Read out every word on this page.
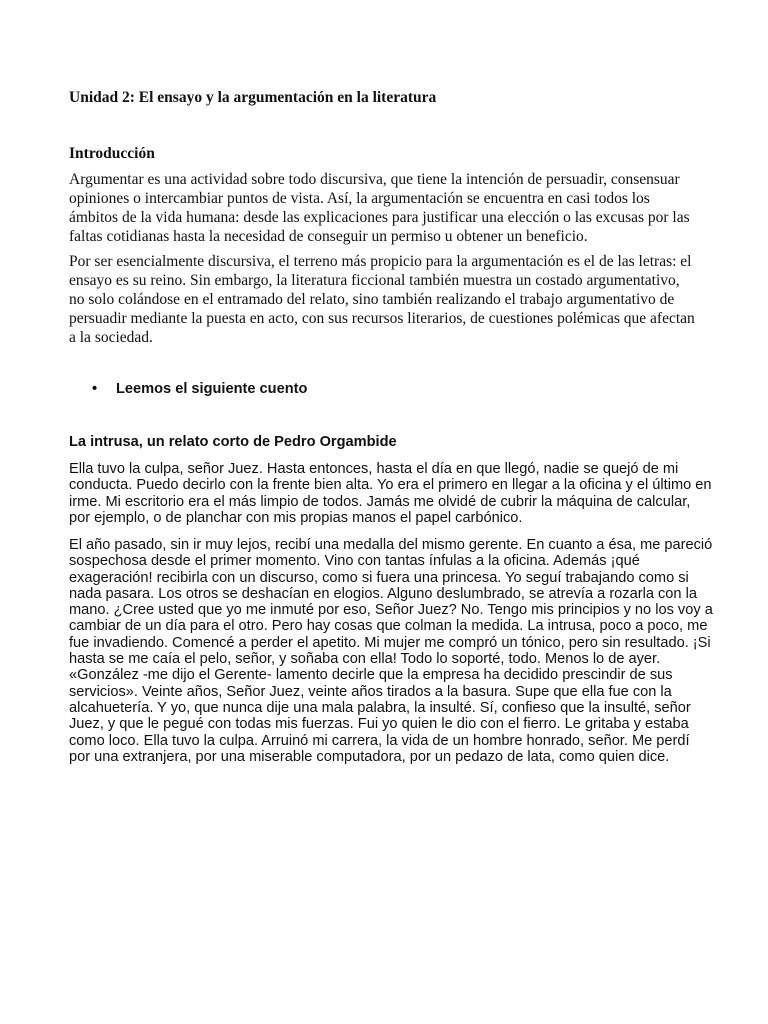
Unidad 2: El ensayo y la argumentación en la literatura
Introducción

Argumentar es una actividad sobre todo discursiva, que tiene la intención de persuadir, consensuar
opiniones o intercambiar puntos de vista. Así, la argumentación se encuentra en casi todos los
ámbitos de la vida humana: desde las explicaciones para justificar una elección o las excusas por las
faltas cotidianas hasta la necesidad de conseguir un permiso u obtener un beneficio.

Por ser esencialmente discursiva, el terreno más propicio para la argumentación es el de las letras: el
ensayo es su reino. Sin embargo, la literatura ficcional también muestra un costado argumentativo,
no solo colándose en el entramado del relato, sino también realizando el trabajo argumentativo de
persuadir mediante la puesta en acto, con sus recursos literarios, de cuestiones polémicas que afectan
a la sociedad.

•	Leemos el siguiente cuento
La intrusa, un relato corto de Pedro Orgambide

Ella tuvo la culpa, señor Juez. Hasta entonces, hasta el día en que llegó, nadie se quejó de mi
conducta. Puedo decirlo con la frente bien alta. Yo era el primero en llegar a la oficina y el último en
irme. Mi escritorio era el más limpio de todos. Jamás me olvidé de cubrir la máquina de calcular,
por ejemplo, o de planchar con mis propias manos el papel carbónico.

El año pasado, sin ir muy lejos, recibí una medalla del mismo gerente. En cuanto a ésa, me pareció
sospechosa desde el primer momento. Vino con tantas ínfulas a la oficina. Además ¡qué
exageración! recibirla con un discurso, como si fuera una princesa. Yo seguí trabajando como si
nada pasara. Los otros se deshacían en elogios. Alguno deslumbrado, se atrevía a rozarla con la
mano. ¿Cree usted que yo me inmuté por eso, Señor Juez? No. Tengo mis principios y no los voy a
cambiar de un día para el otro. Pero hay cosas que colman la medida. La intrusa, poco a poco, me
fue invadiendo. Comencé a perder el apetito. Mi mujer me compró un tónico, pero sin resultado. ¡Si
hasta se me caía el pelo, señor, y soñaba con ella! Todo lo soporté, todo. Menos lo de ayer.
«González -me dijo el Gerente- lamento decirle que la empresa ha decidido prescindir de sus
servicios». Veinte años, Señor Juez, veinte años tirados a la basura. Supe que ella fue con la
alcahuetería. Y yo, que nunca dije una mala palabra, la insulté. Sí, confieso que la insulté, señor
Juez, y que le pegué con todas mis fuerzas. Fui yo quien le dio con el fierro. Le gritaba y estaba
como loco. Ella tuvo la culpa. Arruinó mi carrera, la vida de un hombre honrado, señor. Me perdí
por una extranjera, por una miserable computadora, por un pedazo de lata, como quien dice.
